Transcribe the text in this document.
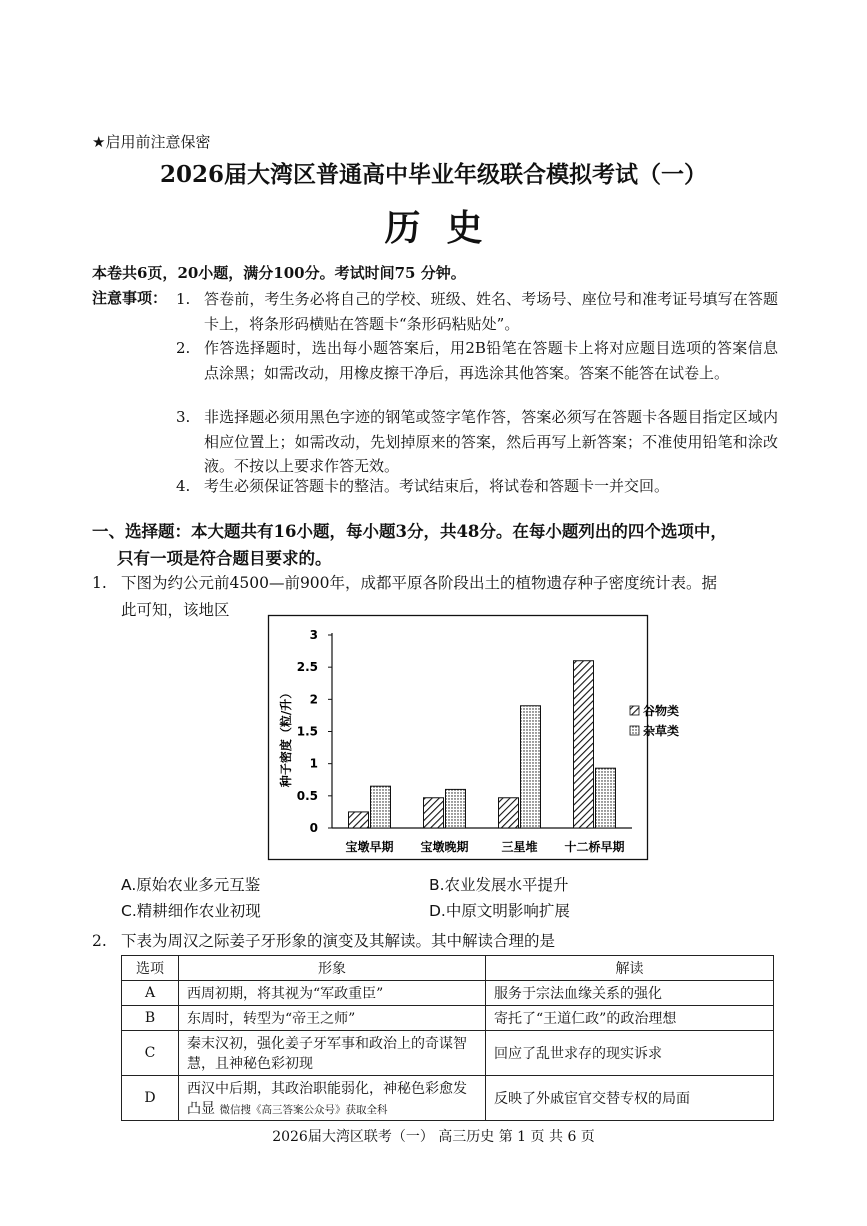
★启用前注意保密
2026届大湾区普通高中毕业年级联合模拟考试（一）
历史
本卷共6页，20小题，满分100分。考试时间75 分钟。
注意事项： 1. 答卷前，考生务必将自己的学校、班级、姓名、考场号、座位号和准考证号填写在答题卡上，将条形码横贴在答题卡“条形码粘贴处”。
2. 作答选择题时，选出每小题答案后，用2B铅笔在答题卡上将对应题目选项的答案信息点涂黑；如需改动，用橡皮擦干净后，再选涂其他答案。答案不能答在试卷上。
3. 非选择题必须用黑色字迹的钢笔或签字笔作答，答案必须写在答题卡各题目指定区域内相应位置上；如需改动，先划掉原来的答案，然后再写上新答案；不准使用铅笔和涂改液。不按以上要求作答无效。
4. 考生必须保证答题卡的整洁。考试结束后，将试卷和答题卡一并交回。
一、选择题：本大题共有16小题，每小题3分，共48分。在每小题列出的四个选项中，
只有一项是符合题目要求的。
1. 下图为约公元前4500—前900年，成都平原各阶段出土的植物遗存种子密度统计表。据
此可知，该地区
0
0.5
1
1.5
2
2.5
3
宝墩早期 宝墩晚期	三星堆 十二桥早期
种子密度（粒/升）	谷物类
杂草类
A.原始农业多元互鉴	B.农业发展水平提升
C.精耕细作农业初现	D.中原文明影响扩展
2. 下表为周汉之际姜子牙形象的演变及其解读。其中解读合理的是
选项	形象	解读
A	西周初期，将其视为“军政重臣”	服务于宗法血缘关系的强化
B	东周时，转型为“帝王之师”	寄托了“王道仁政”的政治理想
C	秦末汉初，强化姜子牙军事和政治上的奇谋智慧，且神秘色彩初现	回应了乱世求存的现实诉求
D	西汉中后期，其政治职能弱化，神秘色彩愈发凸显 微信搜《高三答案公众号》获取全科	反映了外戚宦官交替专权的局面
2026届大湾区联考（一） 高三历史 第 1 页 共 6 页
